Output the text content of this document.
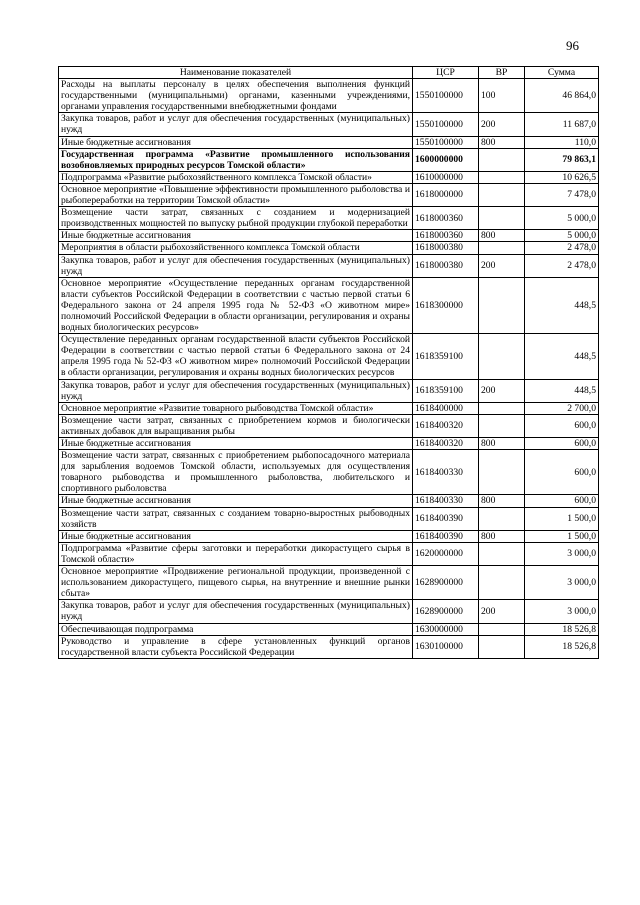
96
Наименование показателей	ЦСР	ВР	Сумма
Расходы на выплаты персоналу в целях обеспечения выполнения функций государственными (муниципальными) органами, казенными учреждениями, органами управления государственными внебюджетными фондами	1550100000	100	46 864,0
Закупка товаров, работ и услуг для обеспечения государственных (муниципальных) нужд	1550100000	200	11 687,0
Иные бюджетные ассигнования	1550100000	800	110,0
Государственная программа «Развитие промышленного использования возобновляемых природных ресурсов Томской области»	1600000000		79 863,1
Подпрограмма «Развитие рыбохозяйственного комплекса Томской области»	1610000000		10 626,5
Основное мероприятие «Повышение эффективности промышленного рыболовства и рыбопереработки на территории Томской области»	1618000000		7 478,0
Возмещение части затрат, связанных с созданием и модернизацией производственных мощностей по выпуску рыбной продукции глубокой переработки	1618000360		5 000,0
Иные бюджетные ассигнования	1618000360	800	5 000,0
Мероприятия в области рыбохозяйственного комплекса Томской области	1618000380		2 478,0
Закупка товаров, работ и услуг для обеспечения государственных (муниципальных) нужд	1618000380	200	2 478,0
Основное мероприятие «Осуществление переданных органам государственной власти субъектов Российской Федерации в соответствии с частью первой статьи 6 Федерального закона от 24 апреля 1995 года № 52-ФЗ «О животном мире» полномочий Российской Федерации в области организации, регулирования и охраны водных биологических ресурсов»	1618300000		448,5
Осуществление переданных органам государственной власти субъектов Российской Федерации в соответствии с частью первой статьи 6 Федерального закона от 24 апреля 1995 года № 52-ФЗ «О животном мире» полномочий Российской Федерации в области организации, регулирования и охраны водных биологических ресурсов	1618359100		448,5
Закупка товаров, работ и услуг для обеспечения государственных (муниципальных) нужд	1618359100	200	448,5
Основное мероприятие «Развитие товарного рыбоводства Томской области»	1618400000		2 700,0
Возмещение части затрат, связанных с приобретением кормов и биологически активных добавок для выращивания рыбы	1618400320		600,0
Иные бюджетные ассигнования	1618400320	800	600,0
Возмещение части затрат, связанных с приобретением рыбопосадочного материала для зарыбления водоемов Томской области, используемых для осуществления товарного рыбоводства и промышленного рыболовства, любительского и спортивного рыболовства	1618400330		600,0
Иные бюджетные ассигнования	1618400330	800	600,0
Возмещение части затрат, связанных с созданием товарно-выростных рыбоводных хозяйств	1618400390		1 500,0
Иные бюджетные ассигнования	1618400390	800	1 500,0
Подпрограмма «Развитие сферы заготовки и переработки дикорастущего сырья в Томской области»	1620000000		3 000,0
Основное мероприятие «Продвижение региональной продукции, произведенной с использованием дикорастущего, пищевого сырья, на внутренние и внешние рынки сбыта»	1628900000		3 000,0
Закупка товаров, работ и услуг для обеспечения государственных (муниципальных) нужд	1628900000	200	3 000,0
Обеспечивающая подпрограмма	1630000000		18 526,8
Руководство и управление в сфере установленных функций органов государственной власти субъекта Российской Федерации	1630100000		18 526,8
